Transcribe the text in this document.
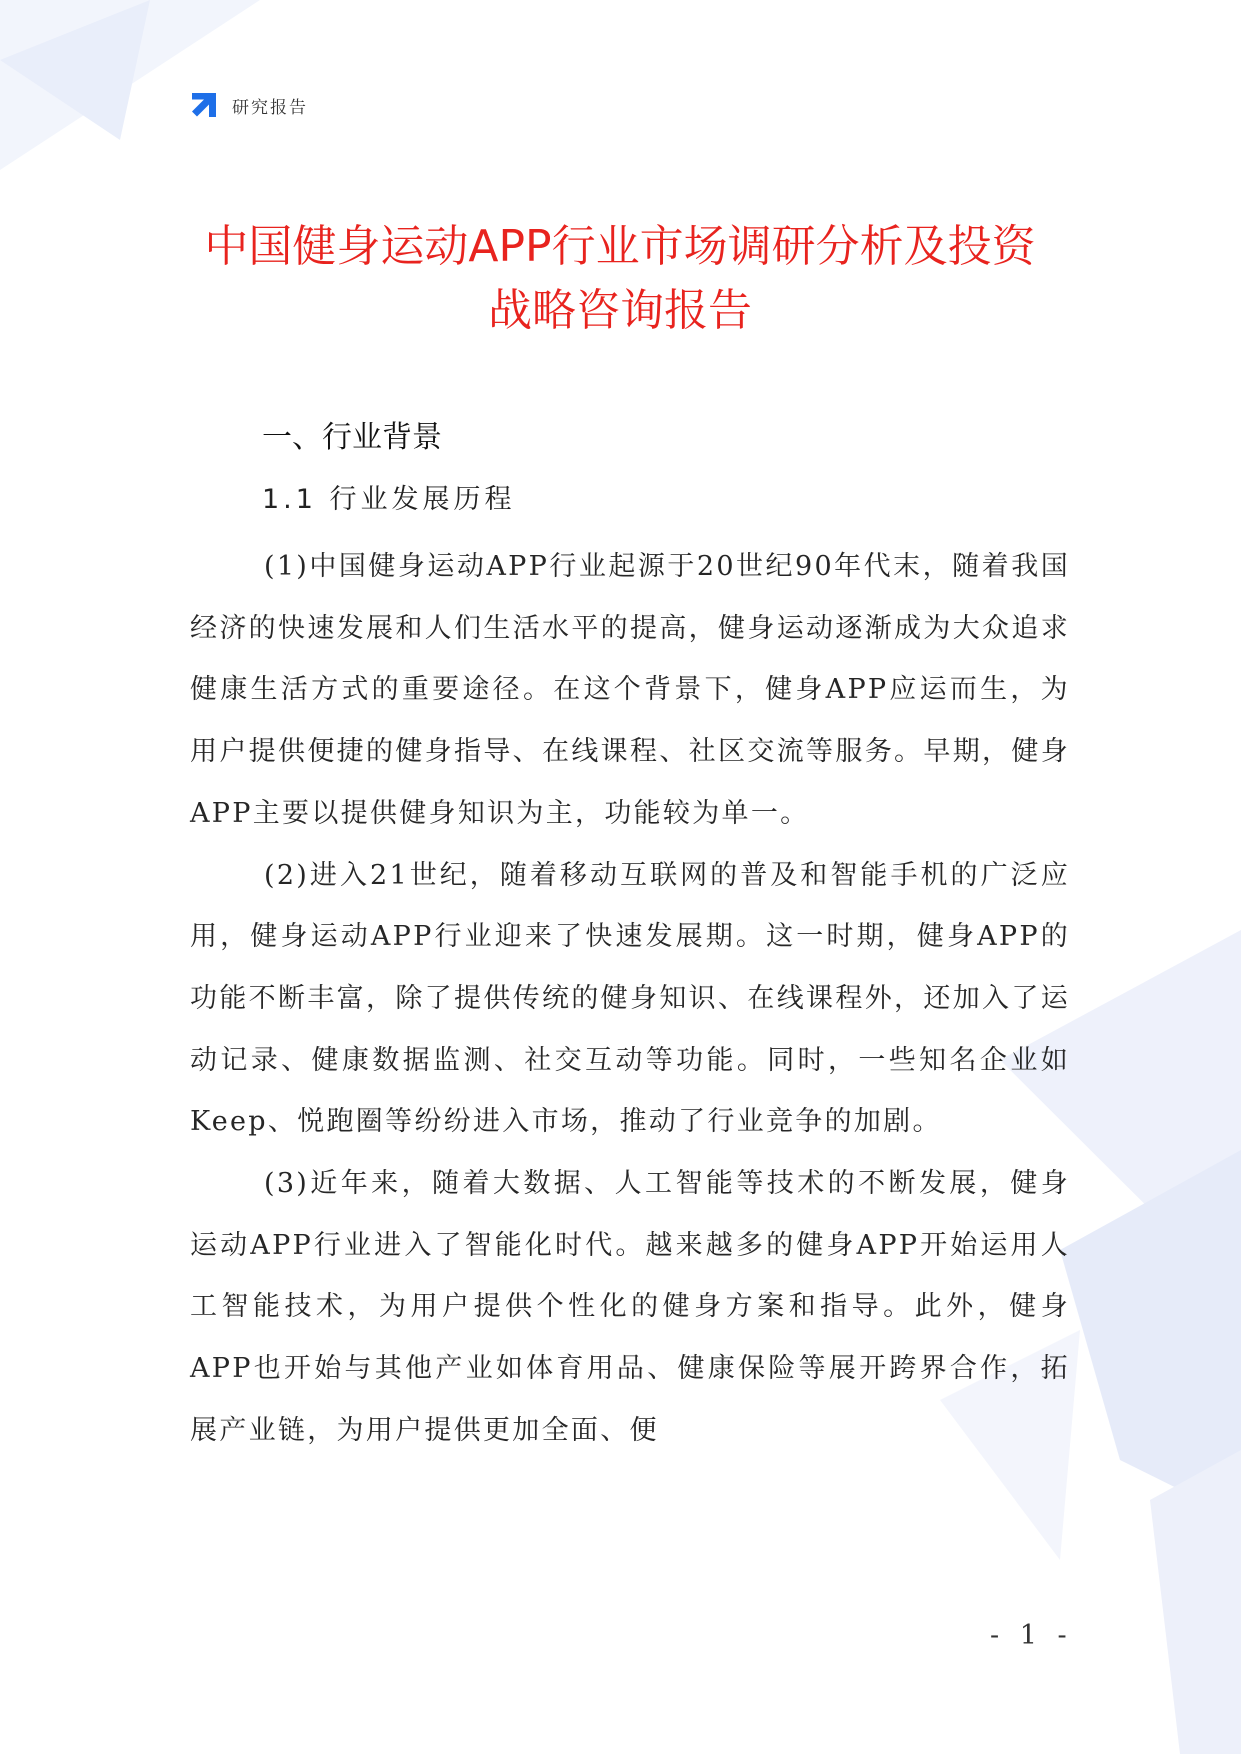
研究报告
中国健身运动APP行业市场调研分析及投资
战略咨询报告
一、行业背景
1.1 行业发展历程

(1)中国健身运动APP行业起源于20世纪90年代末，随着我国经济的快速发展和人们生活水平的提高，健身运动逐渐成为大众追求健康生活方式的重要途径。在这个背景下，健身APP应运而生，为用户提供便捷的健身指导、在线课程、社区交流等服务。早期，健身APP主要以提供健身知识为主，功能较为单一。

(2)进入21世纪，随着移动互联网的普及和智能手机的广泛应用，健身运动APP行业迎来了快速发展期。这一时期，健身APP的功能不断丰富，除了提供传统的健身知识、在线课程外，还加入了运动记录、健康数据监测、社交互动等功能。同时，一些知名企业如Keep、悦跑圈等纷纷进入市场，推动了行业竞争的加剧。

(3)近年来，随着大数据、人工智能等技术的不断发展，健身运动APP行业进入了智能化时代。越来越多的健身APP开始运用人工智能技术，为用户提供个性化的健身方案和指导。此外，健身APP也开始与其他产业如体育用品、健康保险等展开跨界合作，拓展产业链，为用户提供更加全面、便

- 1 -
